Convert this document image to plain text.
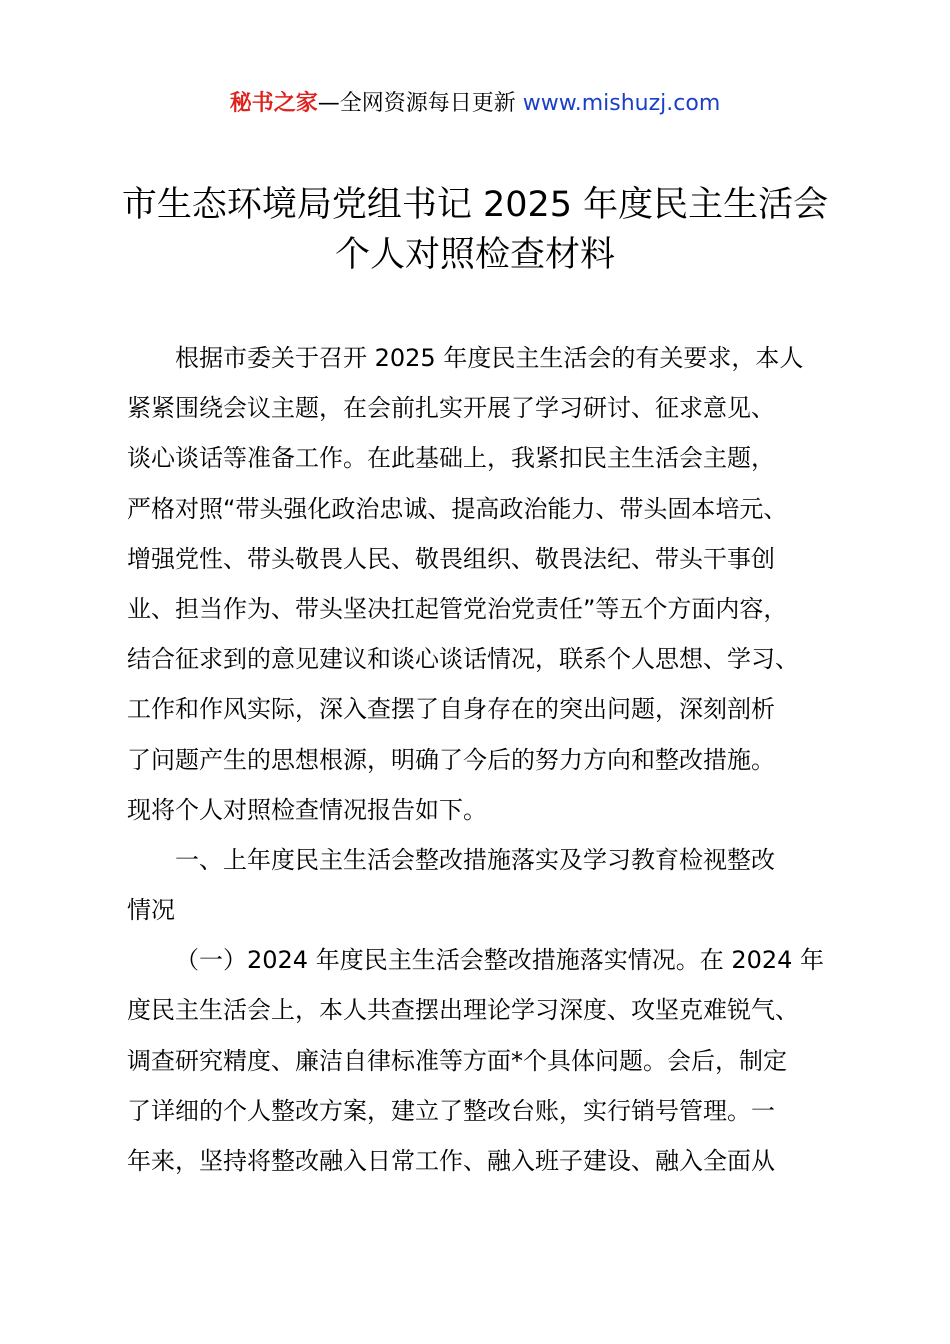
秘书之家—全网资源每日更新 www.mishuzj.com
市生态环境局党组书记 2025 年度民主生活会
个人对照检查材料
根据市委关于召开 2025 年度民主生活会的有关要求，本人
紧紧围绕会议主题，在会前扎实开展了学习研讨、征求意见、
谈心谈话等准备工作。在此基础上，我紧扣民主生活会主题，
严格对照“带头强化政治忠诚、提高政治能力、带头固本培元、
增强党性、带头敬畏人民、敬畏组织、敬畏法纪、带头干事创
业、担当作为、带头坚决扛起管党治党责任”等五个方面内容，
结合征求到的意见建议和谈心谈话情况，联系个人思想、学习、
工作和作风实际，深入查摆了自身存在的突出问题，深刻剖析
了问题产生的思想根源，明确了今后的努力方向和整改措施。
现将个人对照检查情况报告如下。
一、上年度民主生活会整改措施落实及学习教育检视整改
情况
（一）2024 年度民主生活会整改措施落实情况。在 2024 年
度民主生活会上，本人共查摆出理论学习深度、攻坚克难锐气、
调查研究精度、廉洁自律标准等方面*个具体问题。会后，制定
了详细的个人整改方案，建立了整改台账，实行销号管理。一
年来，坚持将整改融入日常工作、融入班子建设、融入全面从
